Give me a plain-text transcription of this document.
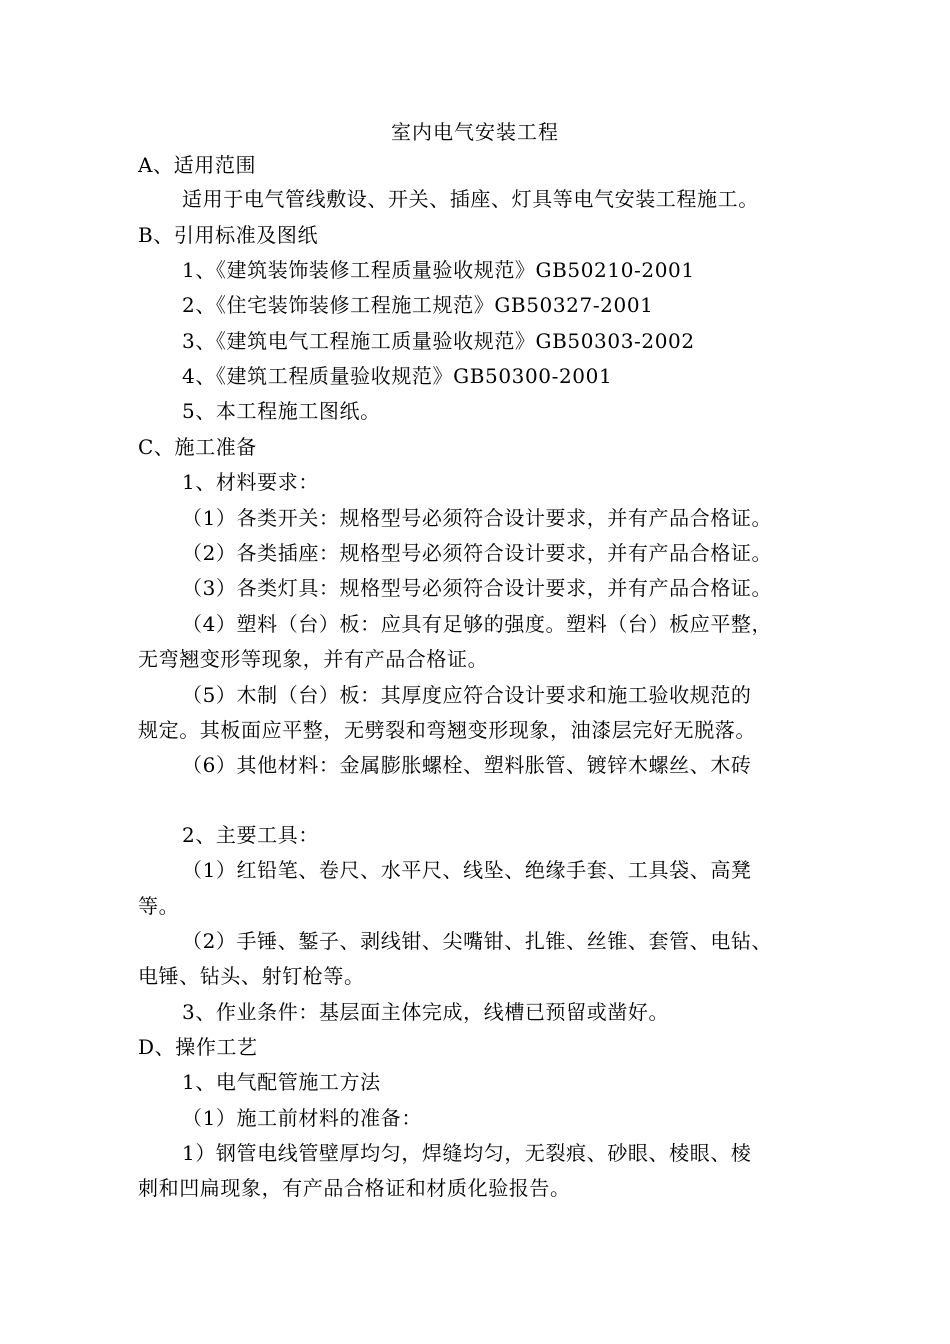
室内电气安装工程
A、适用范围
适用于电气管线敷设、开关、插座、灯具等电气安装工程施工。
B、引用标准及图纸
1、《建筑装饰装修工程质量验收规范》GB50210-2001
2、《住宅装饰装修工程施工规范》GB50327-2001
3、《建筑电气工程施工质量验收规范》GB50303-2002
4、《建筑工程质量验收规范》GB50300-2001
5、本工程施工图纸。
C、施工准备
1、材料要求：
（1）各类开关：规格型号必须符合设计要求，并有产品合格证。
（2）各类插座：规格型号必须符合设计要求，并有产品合格证。
（3）各类灯具：规格型号必须符合设计要求，并有产品合格证。
（4）塑料（台）板：应具有足够的强度。塑料（台）板应平整，
无弯翘变形等现象，并有产品合格证。
（5）木制（台）板：其厚度应符合设计要求和施工验收规范的
规定。其板面应平整，无劈裂和弯翘变形现象，油漆层完好无脱落。
（6）其他材料：金属膨胀螺栓、塑料胀管、镀锌木螺丝、木砖
2、主要工具：
（1）红铅笔、卷尺、水平尺、线坠、绝缘手套、工具袋、高凳
等。
（2）手锤、錾子、剥线钳、尖嘴钳、扎锥、丝锥、套管、电钻、
电锤、钻头、射钉枪等。
3、作业条件：基层面主体完成，线槽已预留或凿好。
D、操作工艺
1、电气配管施工方法
（1）施工前材料的准备：
1）钢管电线管壁厚均匀，焊缝均匀，无裂痕、砂眼、棱眼、棱
刺和凹扁现象，有产品合格证和材质化验报告。
